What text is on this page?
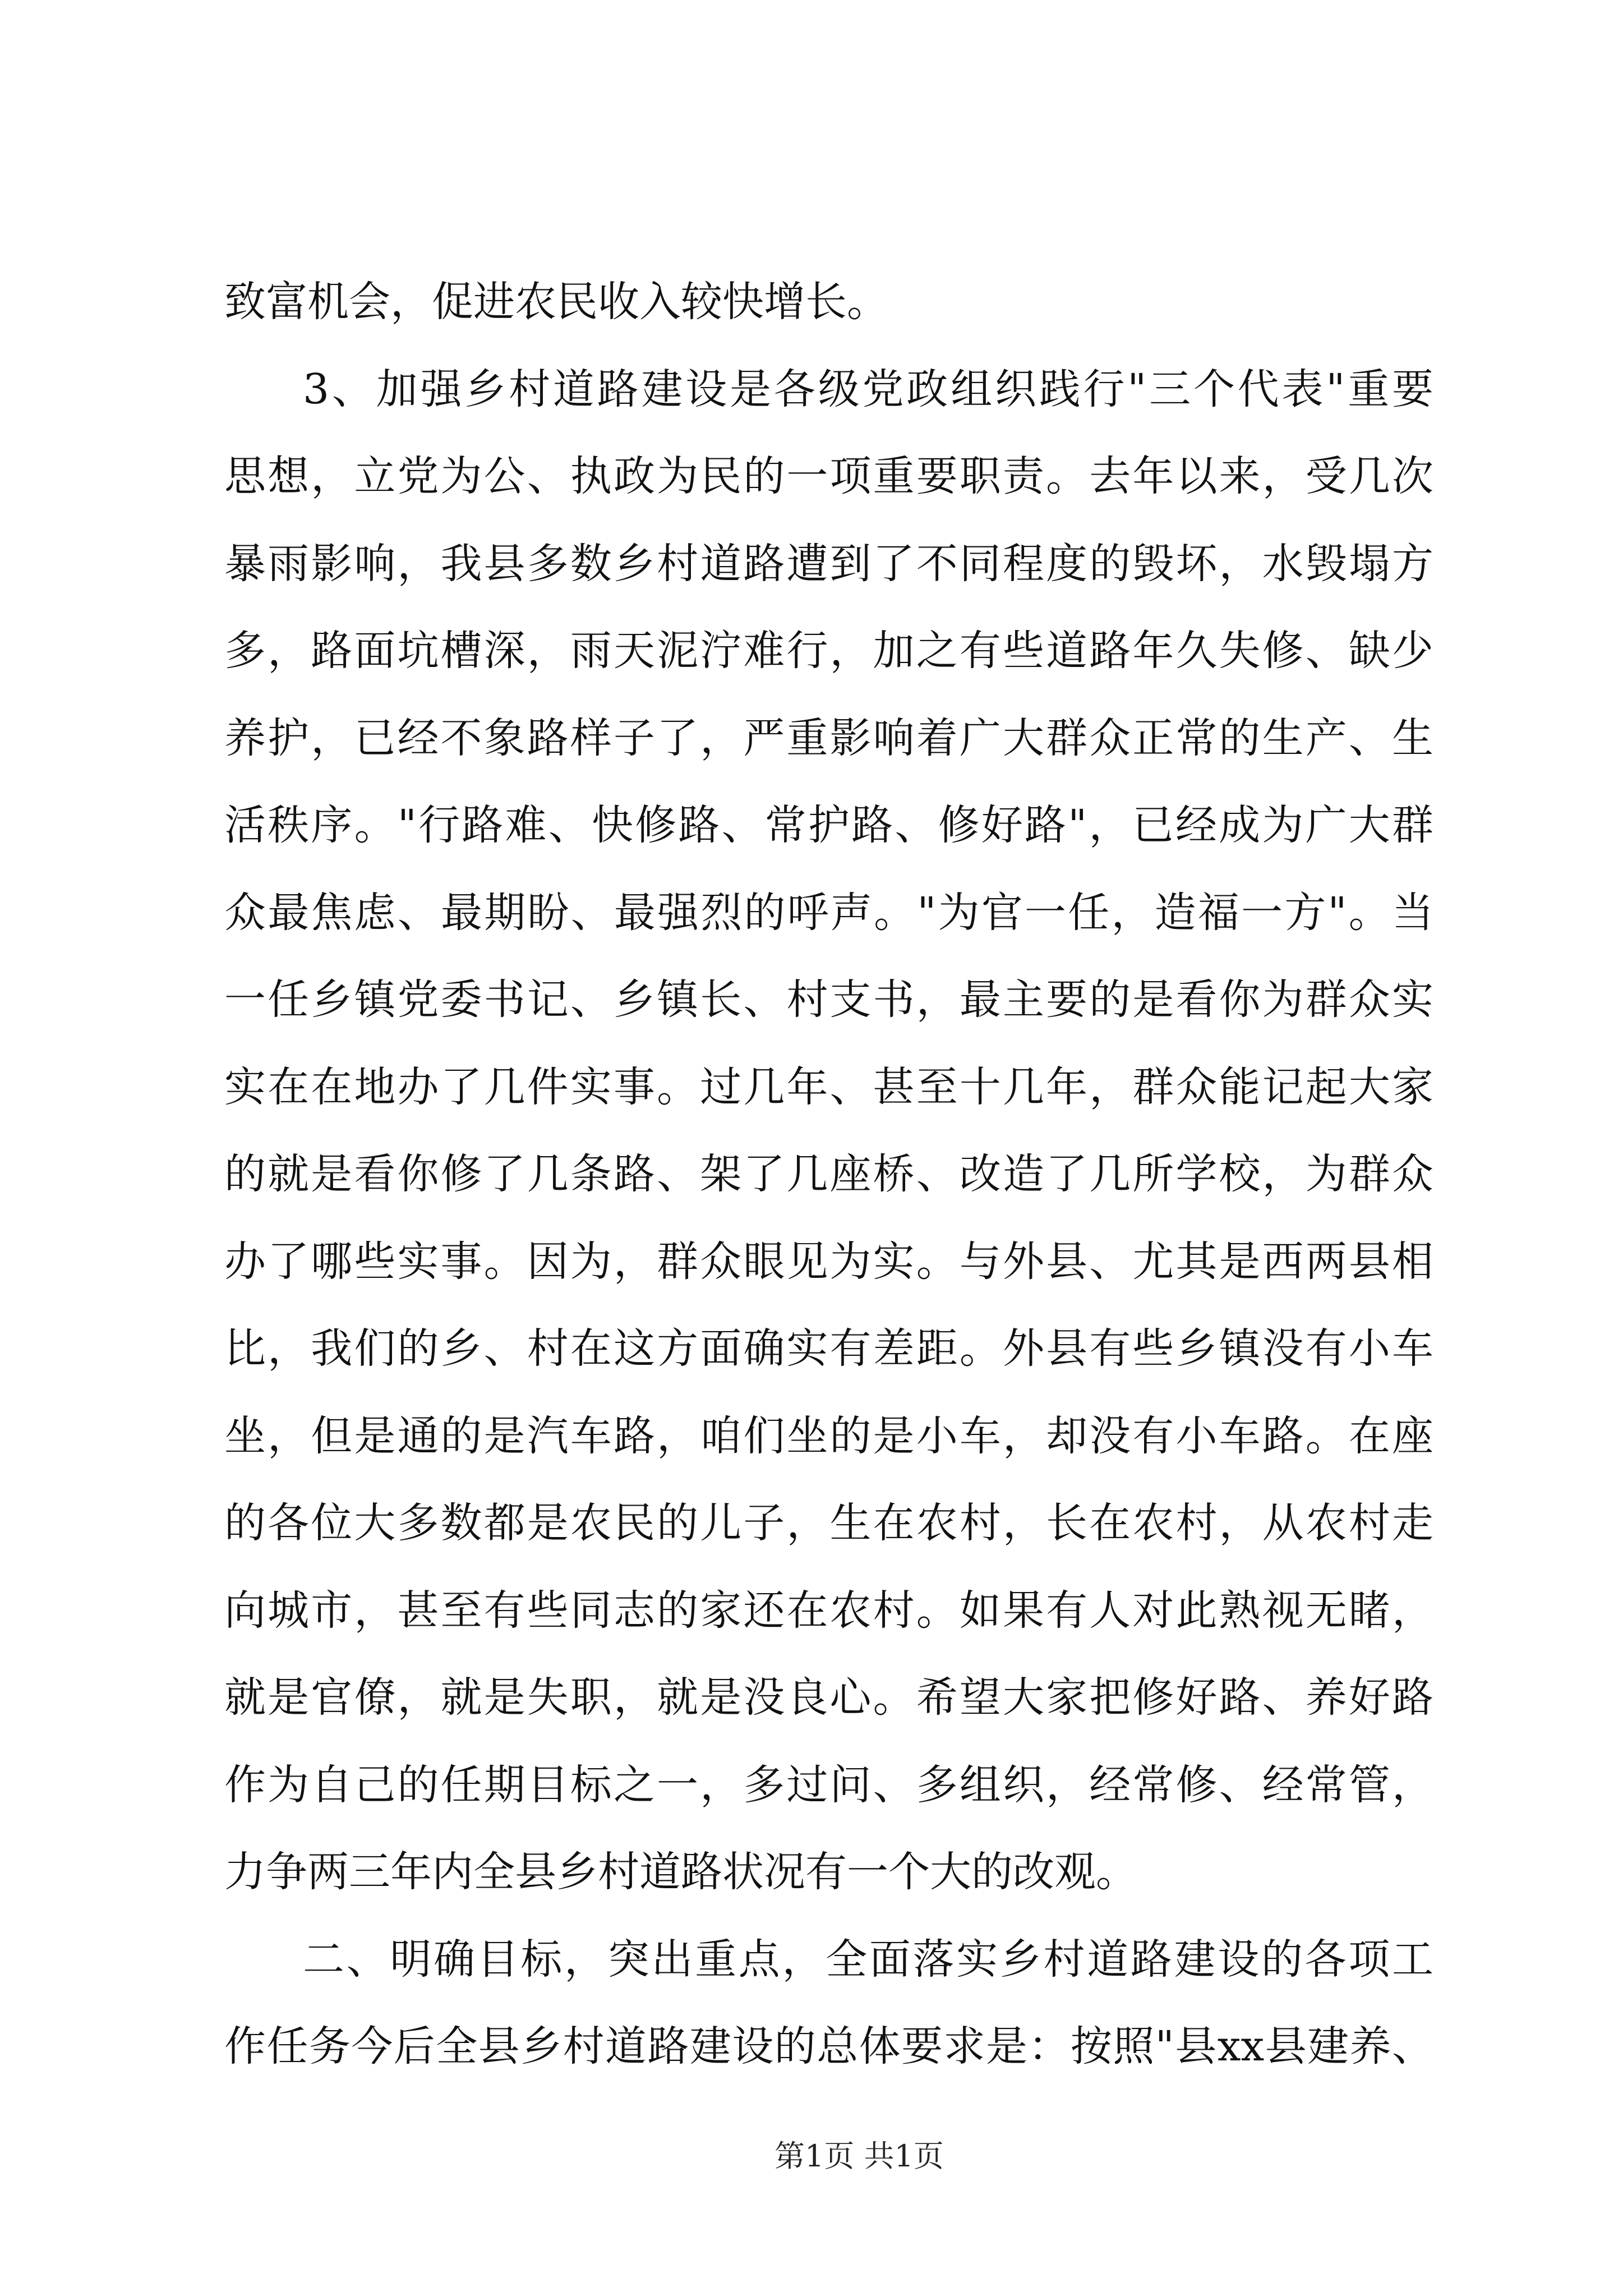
致富机会，促进农民收入较快增长。
3、加强乡村道路建设是各级党政组织践行"三个代表"重要
思想，立党为公、执政为民的一项重要职责。去年以来，受几次
暴雨影响，我县多数乡村道路遭到了不同程度的毁坏，水毁塌方
多，路面坑槽深，雨天泥泞难行，加之有些道路年久失修、缺少
养护，已经不象路样子了，严重影响着广大群众正常的生产、生
活秩序。"行路难、快修路、常护路、修好路"，已经成为广大群
众最焦虑、最期盼、最强烈的呼声。"为官一任，造福一方"。当
一任乡镇党委书记、乡镇长、村支书，最主要的是看你为群众实
实在在地办了几件实事。过几年、甚至十几年，群众能记起大家
的就是看你修了几条路、架了几座桥、改造了几所学校，为群众
办了哪些实事。因为，群众眼见为实。与外县、尤其是西两县相
比，我们的乡、村在这方面确实有差距。外县有些乡镇没有小车
坐，但是通的是汽车路，咱们坐的是小车，却没有小车路。在座
的各位大多数都是农民的儿子，生在农村，长在农村，从农村走
向城市，甚至有些同志的家还在农村。如果有人对此熟视无睹，
就是官僚，就是失职，就是没良心。希望大家把修好路、养好路
作为自己的任期目标之一，多过问、多组织，经常修、经常管，
力争两三年内全县乡村道路状况有一个大的改观。
二、明确目标，突出重点，全面落实乡村道路建设的各项工
作任务今后全县乡村道路建设的总体要求是：按照"县xx县建养、
第1页 共1页
